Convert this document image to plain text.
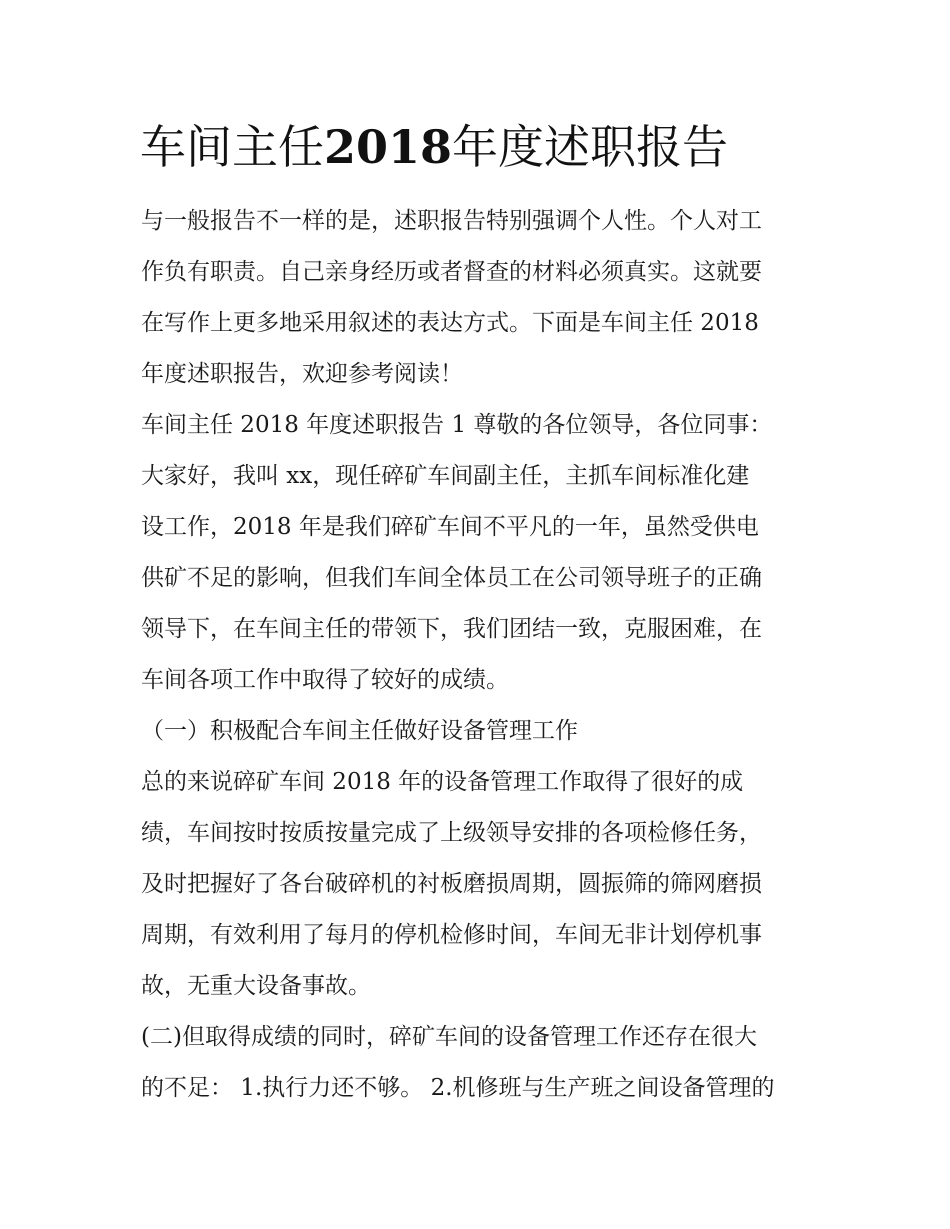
车间主任2018年度述职报告
与一般报告不一样的是，述职报告特别强调个人性。个人对工
作负有职责。自己亲身经历或者督查的材料必须真实。这就要
在写作上更多地采用叙述的表达方式。下面是车间主任 2018
年度述职报告，欢迎参考阅读！
车间主任 2018 年度述职报告 1 尊敬的各位领导，各位同事：
大家好，我叫 xx，现任碎矿车间副主任，主抓车间标准化建
设工作，2018 年是我们碎矿车间不平凡的一年，虽然受供电
供矿不足的影响，但我们车间全体员工在公司领导班子的正确
领导下，在车间主任的带领下，我们团结一致，克服困难，在
车间各项工作中取得了较好的成绩。
（一）积极配合车间主任做好设备管理工作
总的来说碎矿车间 2018 年的设备管理工作取得了很好的成
绩，车间按时按质按量完成了上级领导安排的各项检修任务，
及时把握好了各台破碎机的衬板磨损周期，圆振筛的筛网磨损
周期，有效利用了每月的停机检修时间，车间无非计划停机事
故，无重大设备事故。
(二)但取得成绩的同时，碎矿车间的设备管理工作还存在很大
的不足： 1.执行力还不够。 2.机修班与生产班之间设备管理的
